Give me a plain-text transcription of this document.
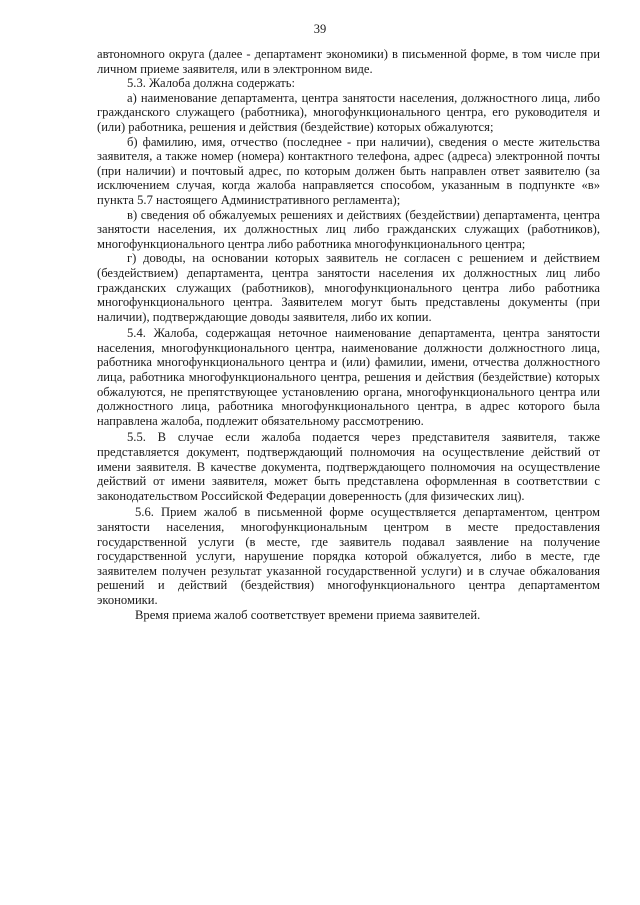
39

автономного округа (далее - департамент экономики) в письменной форме, в том числе при личном приеме заявителя, или в электронном виде.

5.3. Жалоба должна содержать:

а) наименование департамента, центра занятости населения, должностного лица, либо гражданского служащего (работника), многофункционального центра, его руководителя и (или) работника, решения и действия (бездействие) которых обжалуются;

б) фамилию, имя, отчество (последнее - при наличии), сведения о месте жительства заявителя, а также номер (номера) контактного телефона, адрес (адреса) электронной почты (при наличии) и почтовый адрес, по которым должен быть направлен ответ заявителю (за исключением случая, когда жалоба направляется способом, указанным в подпункте «в» пункта 5.7 настоящего Административного регламента);

в) сведения об обжалуемых решениях и действиях (бездействии) департамента, центра занятости населения, их должностных лиц либо гражданских служащих (работников), многофункционального центра либо работника многофункционального центра;

г) доводы, на основании которых заявитель не согласен с решением и действием (бездействием) департамента, центра занятости населения их должностных лиц либо гражданских служащих (работников), многофункционального центра либо работника многофункционального центра. Заявителем могут быть представлены документы (при наличии), подтверждающие доводы заявителя, либо их копии.

5.4. Жалоба, содержащая неточное наименование департамента, центра занятости населения, многофункционального центра, наименование должности должностного лица, работника многофункционального центра и (или) фамилии, имени, отчества должностного лица, работника многофункционального центра, решения и действия (бездействие) которых обжалуются, не препятствующее установлению органа, многофункционального центра или должностного лица, работника многофункционального центра, в адрес которого была направлена жалоба, подлежит обязательному рассмотрению.

5.5. В случае если жалоба подается через представителя заявителя, также представляется документ, подтверждающий полномочия на осуществление действий от имени заявителя. В качестве документа, подтверждающего полномочия на осуществление действий от имени заявителя, может быть представлена оформленная в соответствии с законодательством Российской Федерации доверенность (для физических лиц).

5.6. Прием жалоб в письменной форме осуществляется департаментом, центром занятости населения, многофункциональным центром в месте предоставления государственной услуги (в месте, где заявитель подавал заявление на получение государственной услуги, нарушение порядка которой обжалуется, либо в месте, где заявителем получен результат указанной государственной услуги) и в случае обжалования решений и действий (бездействия) многофункционального центра департаментом экономики.

Время приема жалоб соответствует времени приема заявителей.
